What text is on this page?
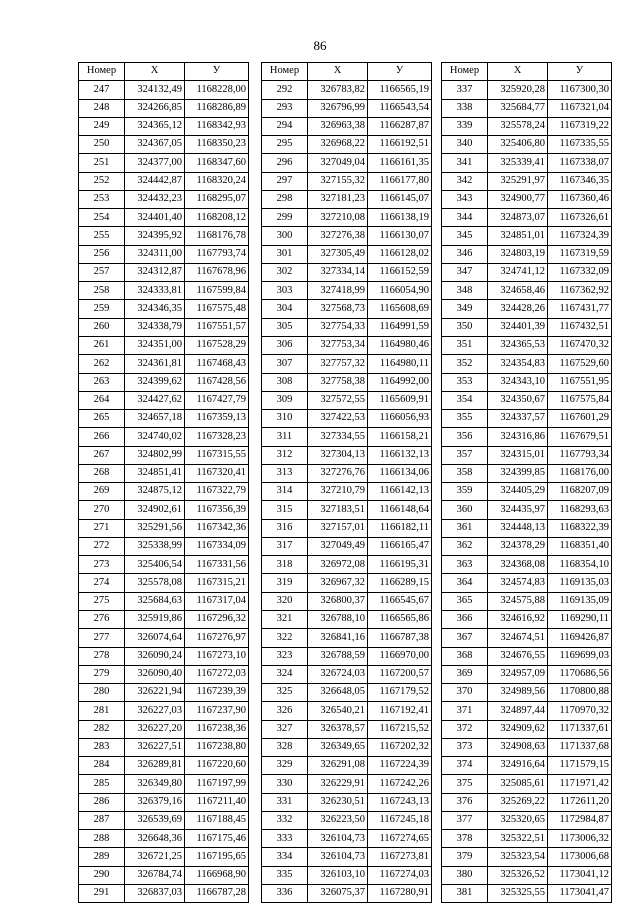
86
Номер	X	У
247	324132,49	1168228,00
248	324266,85	1168286,89
249	324365,12	1168342,93
250	324367,05	1168350,23
251	324377,00	1168347,60
252	324442,87	1168320,24
253	324432,23	1168295,07
254	324401,40	1168208,12
255	324395,92	1168176,78
256	324311,00	1167793,74
257	324312,87	1167678,96
258	324333,81	1167599,84
259	324346,35	1167575,48
260	324338,79	1167551,57
261	324351,00	1167528,29
262	324361,81	1167468,43
263	324399,62	1167428,56
264	324427,62	1167427,79
265	324657,18	1167359,13
266	324740,02	1167328,23
267	324802,99	1167315,55
268	324851,41	1167320,41
269	324875,12	1167322,79
270	324902,61	1167356,39
271	325291,56	1167342,36
272	325338,99	1167334,09
273	325406,54	1167331,56
274	325578,08	1167315,21
275	325684,63	1167317,04
276	325919,86	1167296,32
277	326074,64	1167276,97
278	326090,24	1167273,10
279	326090,40	1167272,03
280	326221,94	1167239,39
281	326227,03	1167237,90
282	326227,20	1167238,36
283	326227,51	1167238,80
284	326289,81	1167220,60
285	326349,80	1167197,99
286	326379,16	1167211,40
287	326539,69	1167188,45
288	326648,36	1167175,46
289	326721,25	1167195,65
290	326784,74	1166968,90
291	326837,03	1166787,28
Номер	X	У
292	326783,82	1166565,19
293	326796,99	1166543,54
294	326963,38	1166287,87
295	326968,22	1166192,51
296	327049,04	1166161,35
297	327155,32	1166177,80
298	327181,23	1166145,07
299	327210,08	1166138,19
300	327276,38	1166130,07
301	327305,49	1166128,02
302	327334,14	1166152,59
303	327418,99	1166054,90
304	327568,73	1165608,69
305	327754,33	1164991,59
306	327753,34	1164980,46
307	327757,32	1164980,11
308	327758,38	1164992,00
309	327572,55	1165609,91
310	327422,53	1166056,93
311	327334,55	1166158,21
312	327304,13	1166132,13
313	327276,76	1166134,06
314	327210,79	1166142,13
315	327183,51	1166148,64
316	327157,01	1166182,11
317	327049,49	1166165,47
318	326972,08	1166195,31
319	326967,32	1166289,15
320	326800,37	1166545,67
321	326788,10	1166565,86
322	326841,16	1166787,38
323	326788,59	1166970,00
324	326724,03	1167200,57
325	326648,05	1167179,52
326	326540,21	1167192,41
327	326378,57	1167215,52
328	326349,65	1167202,32
329	326291,08	1167224,39
330	326229,91	1167242,26
331	326230,51	1167243,13
332	326223,50	1167245,18
333	326104,73	1167274,65
334	326104,73	1167273,81
335	326103,10	1167274,03
336	326075,37	1167280,91
Номер	X	У
337	325920,28	1167300,30
338	325684,77	1167321,04
339	325578,24	1167319,22
340	325406,80	1167335,55
341	325339,41	1167338,07
342	325291,97	1167346,35
343	324900,77	1167360,46
344	324873,07	1167326,61
345	324851,01	1167324,39
346	324803,19	1167319,59
347	324741,12	1167332,09
348	324658,46	1167362,92
349	324428,26	1167431,77
350	324401,39	1167432,51
351	324365,53	1167470,32
352	324354,83	1167529,60
353	324343,10	1167551,95
354	324350,67	1167575,84
355	324337,57	1167601,29
356	324316,86	1167679,51
357	324315,01	1167793,34
358	324399,85	1168176,00
359	324405,29	1168207,09
360	324435,97	1168293,63
361	324448,13	1168322,39
362	324378,29	1168351,40
363	324368,08	1168354,10
364	324574,83	1169135,03
365	324575,88	1169135,09
366	324616,92	1169290,11
367	324674,51	1169426,87
368	324676,55	1169699,03
369	324957,09	1170686,56
370	324989,56	1170800,88
371	324897,44	1170970,32
372	324909,62	1171337,61
373	324908,63	1171337,68
374	324916,64	1171579,15
375	325085,61	1171971,42
376	325269,22	1172611,20
377	325320,65	1172984,87
378	325322,51	1173006,32
379	325323,54	1173006,68
380	325326,52	1173041,12
381	325325,55	1173041,47
